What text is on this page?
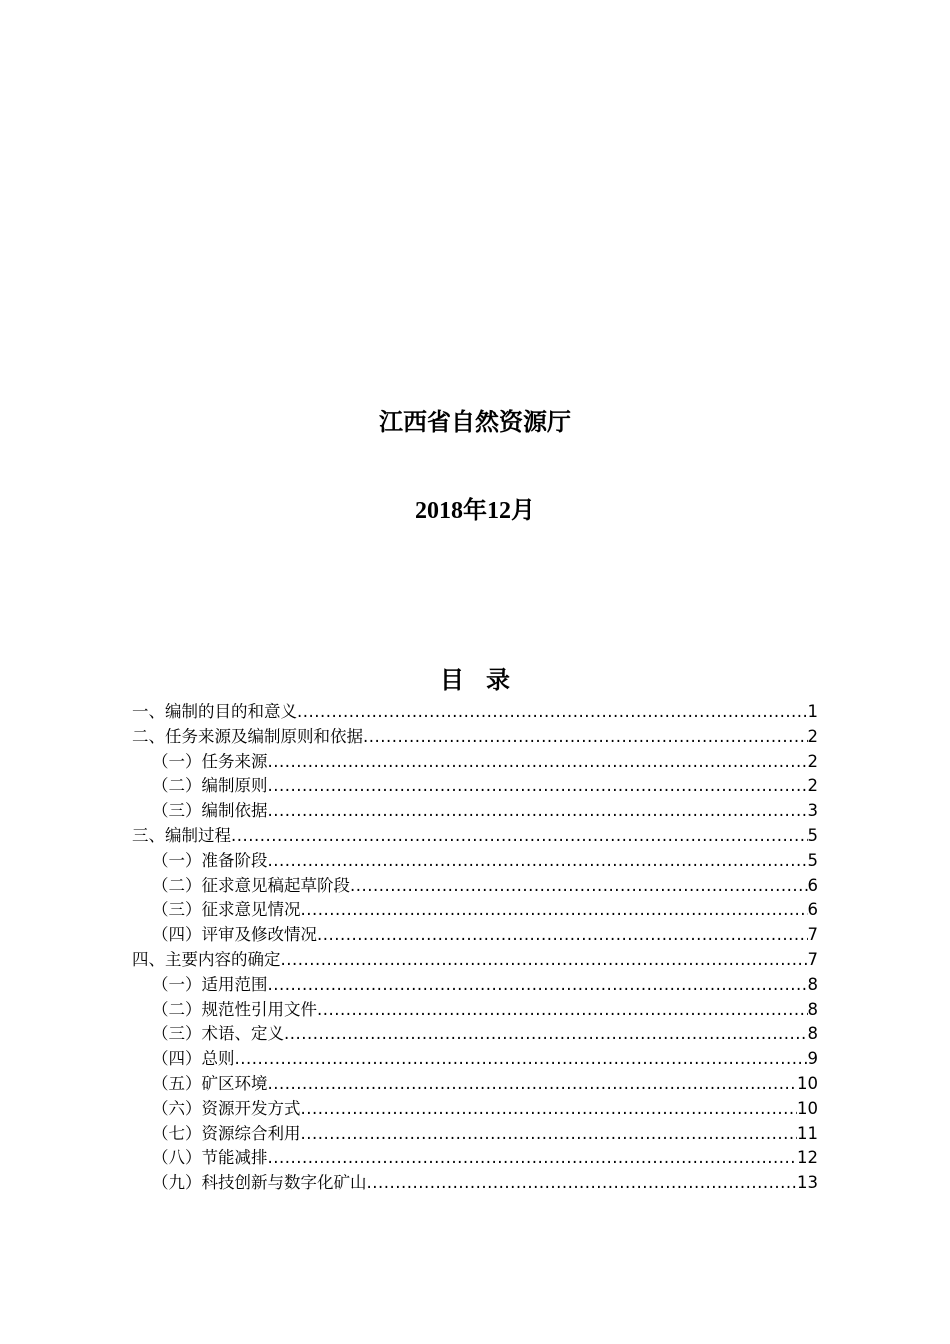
江西省自然资源厅
2018年12月
目录
一、编制的目的和意义 .....	1
二、任务来源及编制原则和依据 .....	2
（一）任务来源 .....	2
（二）编制原则 .....	2
（三）编制依据 .....	3
三、编制过程 .....	5
（一）准备阶段 .....	5
（二）征求意见稿起草阶段 .....	6
（三）征求意见情况 .....	6
（四）评审及修改情况 .....	7
四、主要内容的确定 .....	7
（一）适用范围 .....	8
（二）规范性引用文件 .....	8
（三）术语、定义 .....	8
（四）总则 .....	9
（五）矿区环境 .....	10
（六）资源开发方式 .....	10
（七）资源综合利用 .....	11
（八）节能减排 .....	12
（九）科技创新与数字化矿山 .....	13
